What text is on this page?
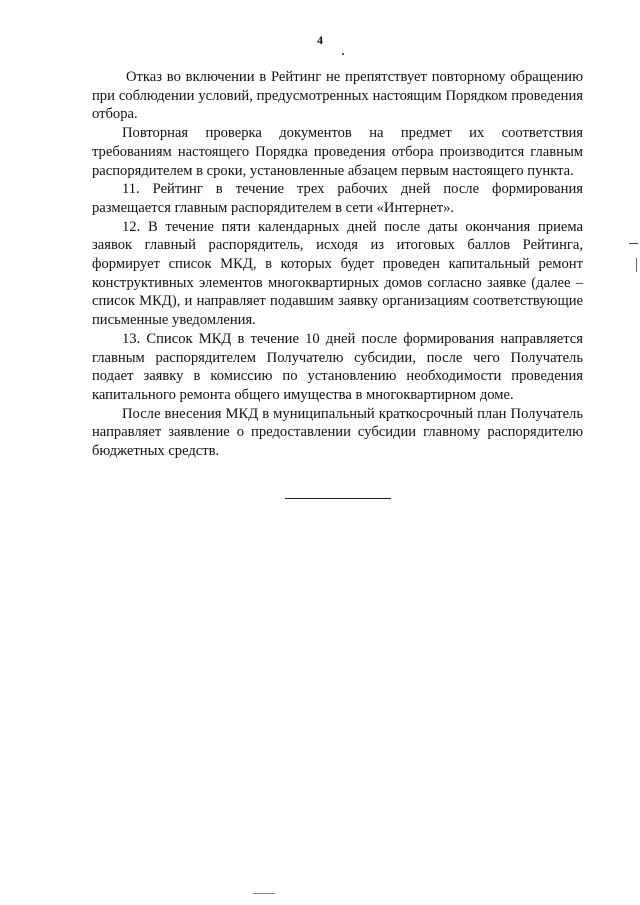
4

Отказ во включении в Рейтинг не препятствует повторному обращению при соблюдении условий, предусмотренных настоящим Порядком проведения отбора.

Повторная проверка документов на предмет их соответствия требованиям настоящего Порядка проведения отбора производится главным распорядителем в сроки, установленные абзацем первым настоящего пункта.

11. Рейтинг в течение трех рабочих дней после формирования размещается главным распорядителем в сети «Интернет».

12. В течение пяти календарных дней после даты окончания приема заявок главный распорядитель, исходя из итоговых баллов Рейтинга, формирует список МКД, в которых будет проведен капитальный ремонт конструктивных элементов многоквартирных домов согласно заявке (далее – список МКД), и направляет подавшим заявку организациям соответствующие письменные уведомления.

13. Список МКД в течение 10 дней после формирования направляется главным распорядителем Получателю субсидии, после чего Получатель подает заявку в комиссию по установлению необходимости проведения капитального ремонта общего имущества в многоквартирном доме.

После внесения МКД в муниципальный краткосрочный план Получатель направляет заявление о предоставлении субсидии главному распорядителю бюджетных средств.
